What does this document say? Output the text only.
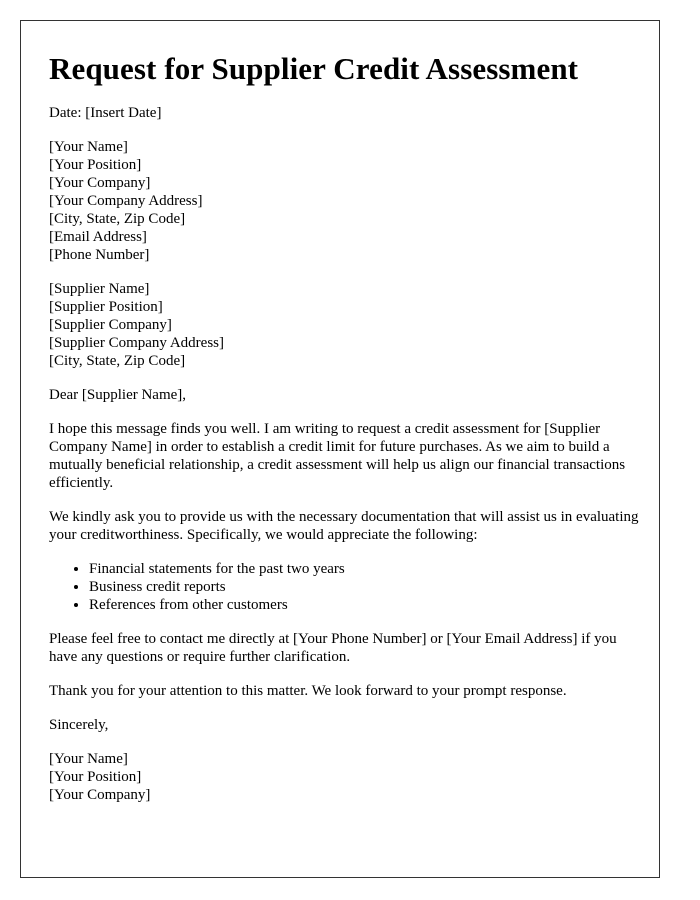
Request for Supplier Credit Assessment

Date: [Insert Date]

[Your Name]
[Your Position]
[Your Company]
[Your Company Address]
[City, State, Zip Code]
[Email Address]
[Phone Number]
[Supplier Name]
[Supplier Position]
[Supplier Company]
[Supplier Company Address]
[City, State, Zip Code]

Dear [Supplier Name],

I hope this message finds you well. I am writing to request a credit assessment for [Supplier Company Name] in order to establish a credit limit for future purchases. As we aim to build a mutually beneficial relationship, a credit assessment will help us align our financial transactions efficiently.

We kindly ask you to provide us with the necessary documentation that will assist us in evaluating your creditworthiness. Specifically, we would appreciate the following:

• Financial statements for the past two years
• Business credit reports
• References from other customers

Please feel free to contact me directly at [Your Phone Number] or [Your Email Address] if you have any questions or require further clarification.

Thank you for your attention to this matter. We look forward to your prompt response.

Sincerely,

[Your Name]
[Your Position]
[Your Company]
